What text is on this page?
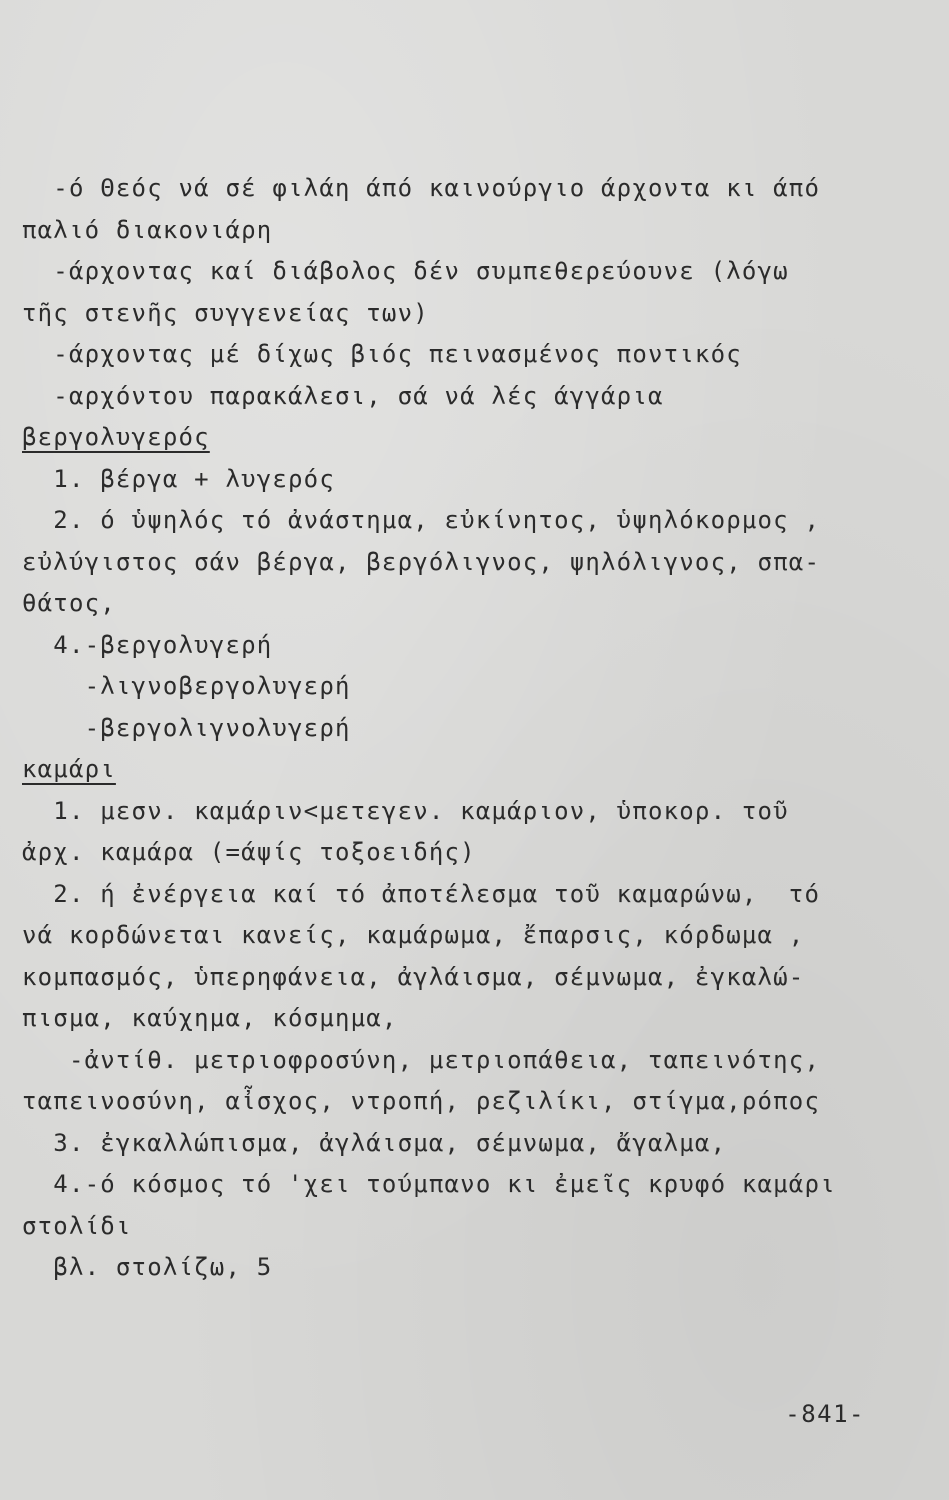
-ό Θεός νά σέ φιλάη άπό καινούργιο άρχοντα κι άπό
παλιό διακονιάρη
-άρχοντας καί διάβολος δέν συμπεθερεύουνε (λόγω
τῆς στενῆς συγγενείας των)
-άρχοντας μέ δίχως βιός πεινασμένος ποντικός
-αρχόντου παρακάλεσι, σά νά λές άγγάρια
βεργολυγερός
1. βέργα + λυγερός
2. ό ὑψηλός τό ἀνάστημα, εὐκίνητος, ὑψηλόκορμος ,
εὐλύγιστος σάν βέργα, βεργόλιγνος, ψηλόλιγνος, σπα-
θάτος,
4.-βεργολυγερή
-λιγνοβεργολυγερή
-βεργολιγνολυγερή
καμάρι
1. μεσν. καμάριν<μετεγεν. καμάριον, ὑποκορ. τοῦ
ἀρχ. καμάρα (=άψίς τοξοειδής)
2. ή ἐνέργεια καί τό ἀποτέλεσμα τοῦ καμαρώνω,  τό
νά κορδώνεται κανείς, καμάρωμα, ἔπαρσις, κόρδωμα ,
κομπασμός, ὑπερηφάνεια, ἀγλάισμα, σέμνωμα, ἐγκαλώ-
πισμα, καύχημα, κόσμημα,
-ἀντίθ. μετριοφροσύνη, μετριοπάθεια, ταπεινότης,
ταπεινοσύνη, αἶσχος, ντροπή, ρεζιλίκι, στίγμα,ρόπος
3. ἐγκαλλώπισμα, ἀγλάισμα, σέμνωμα, ἄγαλμα,
4.-ό κόσμος τό 'χει τούμπανο κι ἐμεῖς κρυφό καμάρι
στολίδι
βλ. στολίζω, 5
-841-
